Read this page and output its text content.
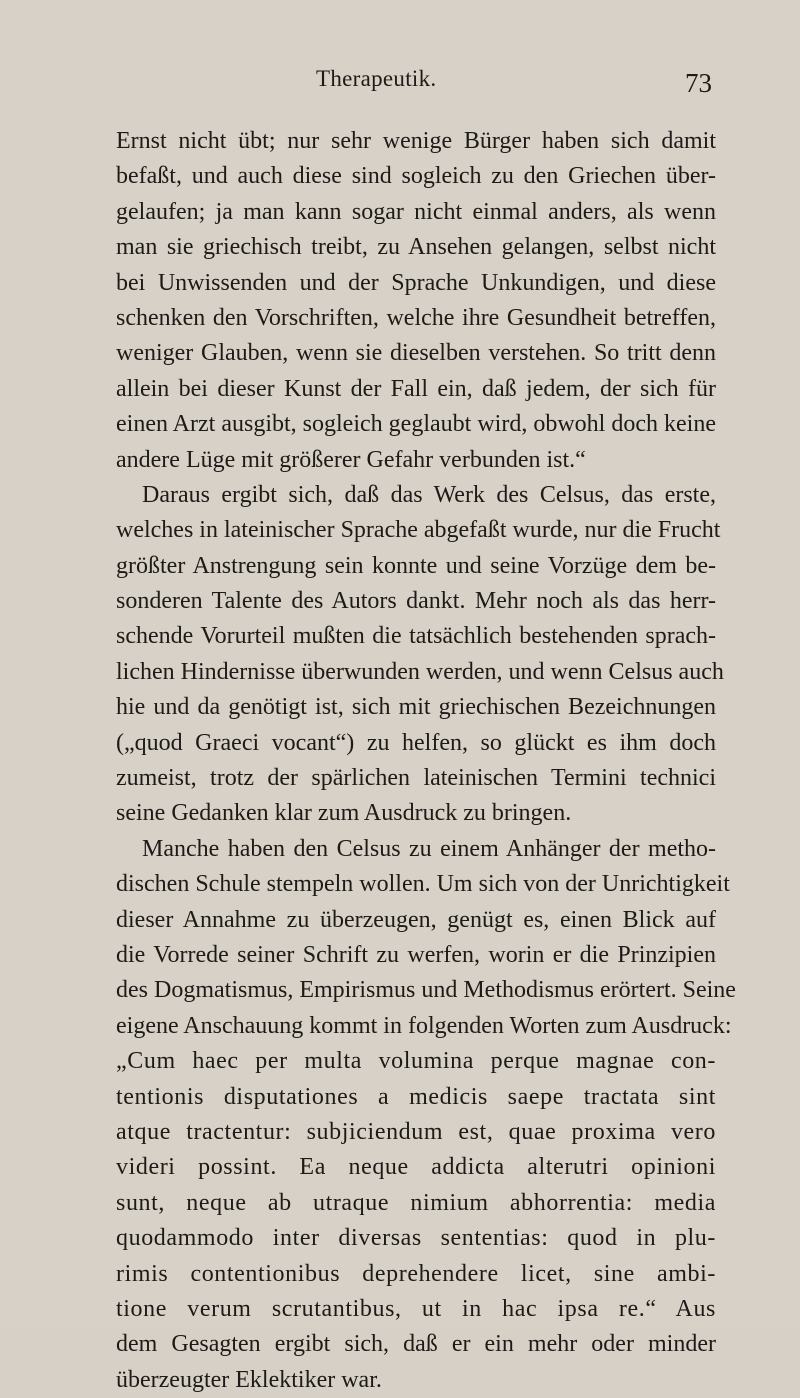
Therapeutik.	73
Ernst nicht übt; nur sehr wenige Bürger haben sich damit
befaßt, und auch diese sind sogleich zu den Griechen über-
gelaufen; ja man kann sogar nicht einmal anders, als wenn
man sie griechisch treibt, zu Ansehen gelangen, selbst nicht
bei Unwissenden und der Sprache Unkundigen, und diese
schenken den Vorschriften, welche ihre Gesundheit betreffen,
weniger Glauben, wenn sie dieselben verstehen. So tritt denn
allein bei dieser Kunst der Fall ein, daß jedem, der sich für
einen Arzt ausgibt, sogleich geglaubt wird, obwohl doch keine
andere Lüge mit größerer Gefahr verbunden ist.“
Daraus ergibt sich, daß das Werk des Celsus, das erste,
welches in lateinischer Sprache abgefaßt wurde, nur die Frucht
größter Anstrengung sein konnte und seine Vorzüge dem be-
sonderen Talente des Autors dankt. Mehr noch als das herr-
schende Vorurteil mußten die tatsächlich bestehenden sprach-
lichen Hindernisse überwunden werden, und wenn Celsus auch
hie und da genötigt ist, sich mit griechischen Bezeichnungen
(„quod Graeci vocant“) zu helfen, so glückt es ihm doch
zumeist, trotz der spärlichen lateinischen Termini technici
seine Gedanken klar zum Ausdruck zu bringen.
Manche haben den Celsus zu einem Anhänger der metho-
dischen Schule stempeln wollen. Um sich von der Unrichtigkeit
dieser Annahme zu überzeugen, genügt es, einen Blick auf
die Vorrede seiner Schrift zu werfen, worin er die Prinzipien
des Dogmatismus, Empirismus und Methodismus erörtert. Seine
eigene Anschauung kommt in folgenden Worten zum Ausdruck:
„Cum haec per multa volumina perque magnae con-
tentionis disputationes a medicis saepe tractata sint
atque tractentur: subjiciendum est, quae proxima vero
videri possint. Ea neque addicta alterutri opinioni
sunt, neque ab utraque nimium abhorrentia: media
quodammodo inter diversas sententias: quod in plu-
rimis contentionibus deprehendere licet, sine ambi-
tione verum scrutantibus, ut in hac ipsa re.“ Aus
dem Gesagten ergibt sich, daß er ein mehr oder minder
überzeugter Eklektiker war.
